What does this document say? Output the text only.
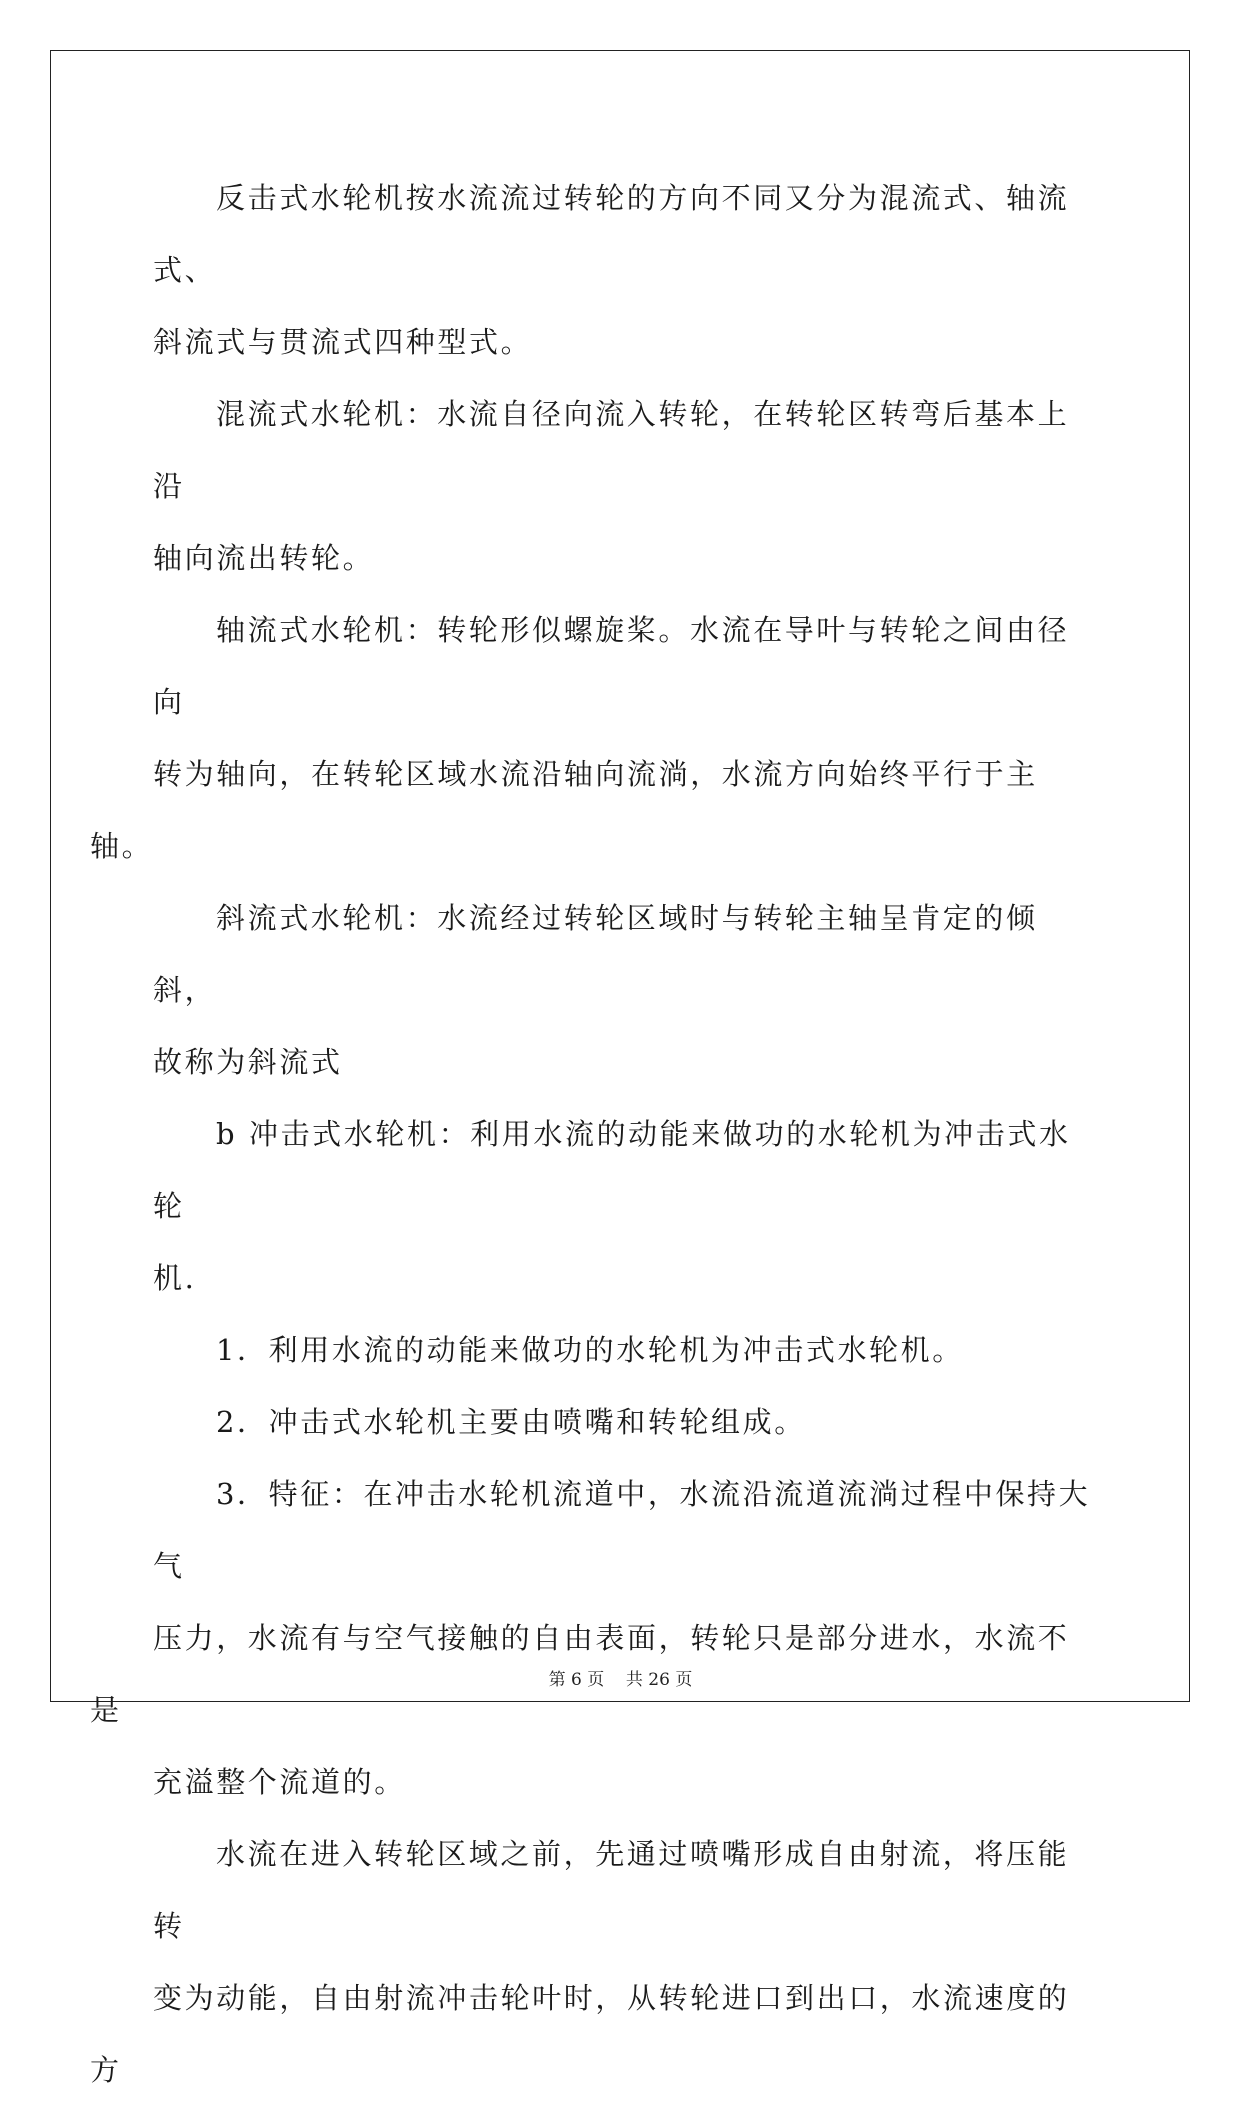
反击式水轮机按水流流过转轮的方向不同又分为混流式、轴流式、
斜流式与贯流式四种型式。

混流式水轮机：水流自径向流入转轮，在转轮区转弯后基本上沿
轴向流出转轮。

轴流式水轮机：转轮形似螺旋桨。水流在导叶与转轮之间由径向
转为轴向，在转轮区域水流沿轴向流淌，水流方向始终平行于主轴。

斜流式水轮机：水流经过转轮区域时与转轮主轴呈肯定的倾斜，
故称为斜流式

b 冲击式水轮机：利用水流的动能来做功的水轮机为冲击式水轮
机.

1．利用水流的动能来做功的水轮机为冲击式水轮机。

2．冲击式水轮机主要由喷嘴和转轮组成。

3．特征：在冲击水轮机流道中，水流沿流道流淌过程中保持大气
压力，水流有与空气接触的自由表面，转轮只是部分进水，水流不是
充溢整个流道的。

水流在进入转轮区域之前，先通过喷嘴形成自由射流，将压能转
变为动能，自由射流冲击轮叶时，从转轮进口到出口，水流速度的方

第 6 页 共 26 页
